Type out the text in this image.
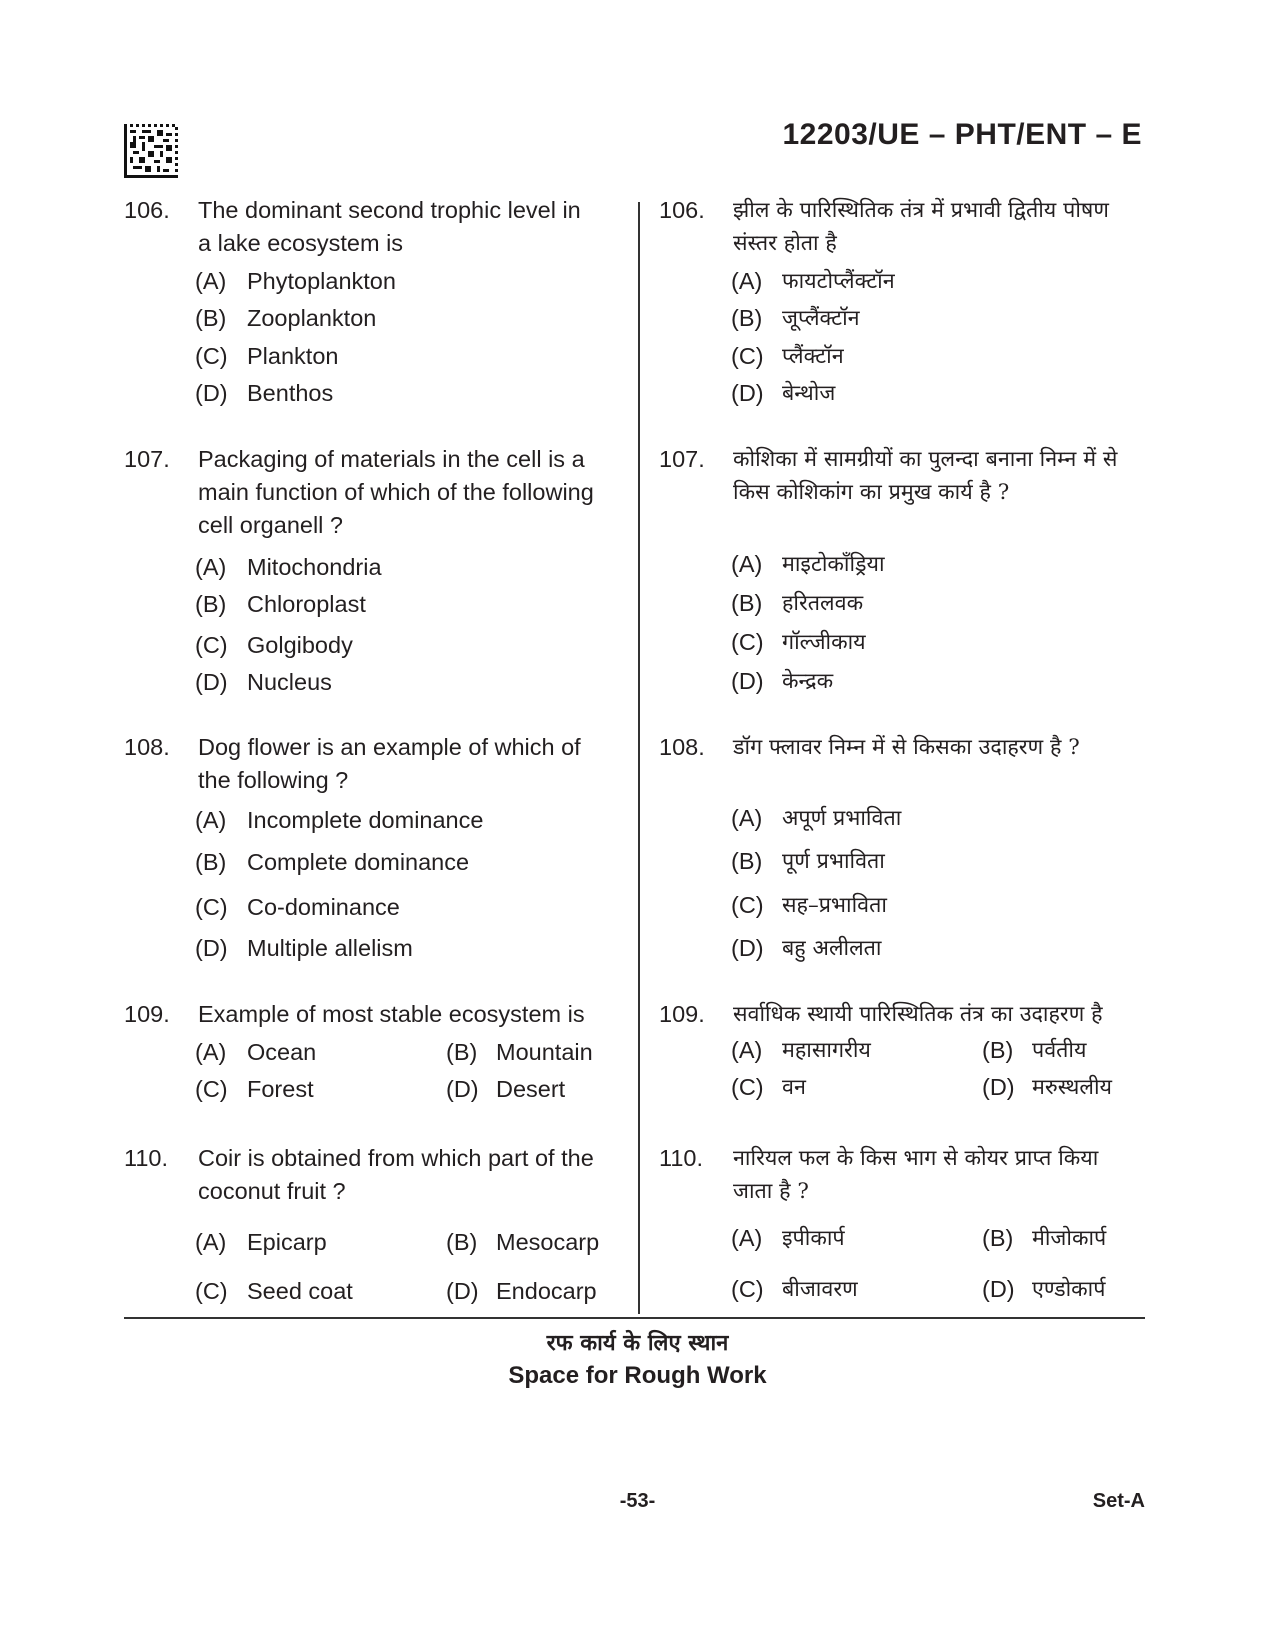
12203/UE – PHT/ENT – E
106. The dominant second trophic level in
a lake ecosystem is
(A) Phytoplankton
(B) Zooplankton
(C) Plankton
(D) Benthos
107. Packaging of materials in the cell is a
main function of which of the following
cell organell ?
(A) Mitochondria
(B) Chloroplast
(C) Golgibody
(D) Nucleus
108. Dog flower is an example of which of
the following ?
(A) Incomplete dominance
(B) Complete dominance
(C) Co-dominance
(D) Multiple allelism
109. Example of most stable ecosystem is
(A) Ocean	(B) Mountain
(C) Forest	(D) Desert
110. Coir is obtained from which part of the
coconut fruit ?
(A) Epicarp	(B) Mesocarp
(C) Seed coat	(D) Endocarp
106. झील के पारिस्थितिक तंत्र में प्रभावी द्वितीय पोषण
संस्तर होता है
(A) फायटोप्लैंक्टॉन
(B) जूप्लैंक्टॉन
(C) प्लैंक्टॉन
(D) बेन्थोज
107. कोशिका में सामग्रीयों का पुलन्दा बनाना निम्न में से
किस कोशिकांग का प्रमुख कार्य है ?
(A) माइटोकाँड्रिया
(B) हरितलवक
(C) गॉल्जीकाय
(D) केन्द्रक
108. डॉग फ्लावर निम्न में से किसका उदाहरण है ?
(A) अपूर्ण प्रभाविता
(B) पूर्ण प्रभाविता
(C) सह–प्रभाविता
(D) बहु अलीलता
109. सर्वाधिक स्थायी पारिस्थितिक तंत्र का उदाहरण है
(A) महासागरीय	(B) पर्वतीय
(C) वन	(D) मरुस्थलीय
110. नारियल फल के किस भाग से कोयर प्राप्त किया
जाता है ?
(A) इपीकार्प	(B) मीजोकार्प
(C) बीजावरण	(D) एण्डोकार्प
रफ कार्य के लिए स्थान
Space for Rough Work
-53-	Set-A
